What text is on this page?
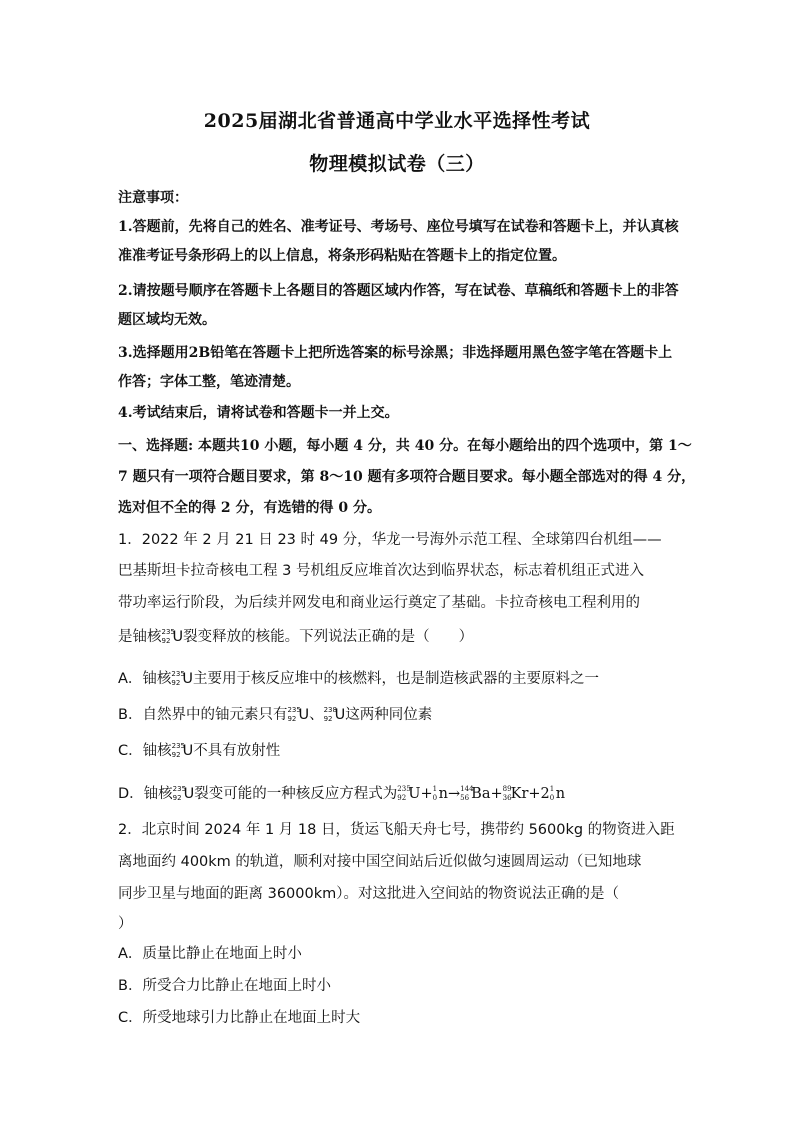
2025届湖北省普通高中学业水平选择性考试
物理模拟试卷（三）
注意事项：
1.答题前，先将自己的姓名、准考证号、考场号、座位号填写在试卷和答题卡上，并认真核
准准考证号条形码上的以上信息，将条形码粘贴在答题卡上的指定位置。
2.请按题号顺序在答题卡上各题目的答题区域内作答，写在试卷、草稿纸和答题卡上的非答
题区域均无效。
3.选择题用2B铅笔在答题卡上把所选答案的标号涂黑；非选择题用黑色签字笔在答题卡上
作答；字体工整，笔迹清楚。
4.考试结束后，请将试卷和答题卡一并上交。
一、选择题: 本题共10 小题，每小题 4 分，共 40 分。在每小题给出的四个选项中，第 1～
7 题只有一项符合题目要求，第 8～10 题有多项符合题目要求。每小题全部选对的得 4 分，
选对但不全的得 2 分，有选错的得 0 分。
1．2022 年 2 月 21 日 23 时 49 分，华龙一号海外示范工程、全球第四台机组——
巴基斯坦卡拉奇核电工程 3 号机组反应堆首次达到临界状态，标志着机组正式进入
带功率运行阶段，为后续并网发电和商业运行奠定了基础。卡拉奇核电工程利用的
是铀核 235
92 U裂变释放的核能。下列说法正确的是（　　）
A．铀核 235
92 U主要用于核反应堆中的核燃料，也是制造核武器的主要原料之一
B．自然界中的铀元素只有 235
92 U、 238
92 U这两种同位素
C．铀核 235
92 U不具有放射性
D．铀核 235
92 U裂变可能的一种核反应方程式为 235
92 U+ 1
0 n→ 144
56 Ba+ 89
36 Kr+2 1
0 n
2．北京时间 2024 年 1 月 18 日，货运飞船天舟七号，携带约 5600kg 的物资进入距
离地面约 400km 的轨道，顺利对接中国空间站后近似做匀速圆周运动（已知地球
同步卫星与地面的距离 36000km）。对这批进入空间站的物资说法正确的是（
）
A．质量比静止在地面上时小
B．所受合力比静止在地面上时小
C．所受地球引力比静止在地面上时大
